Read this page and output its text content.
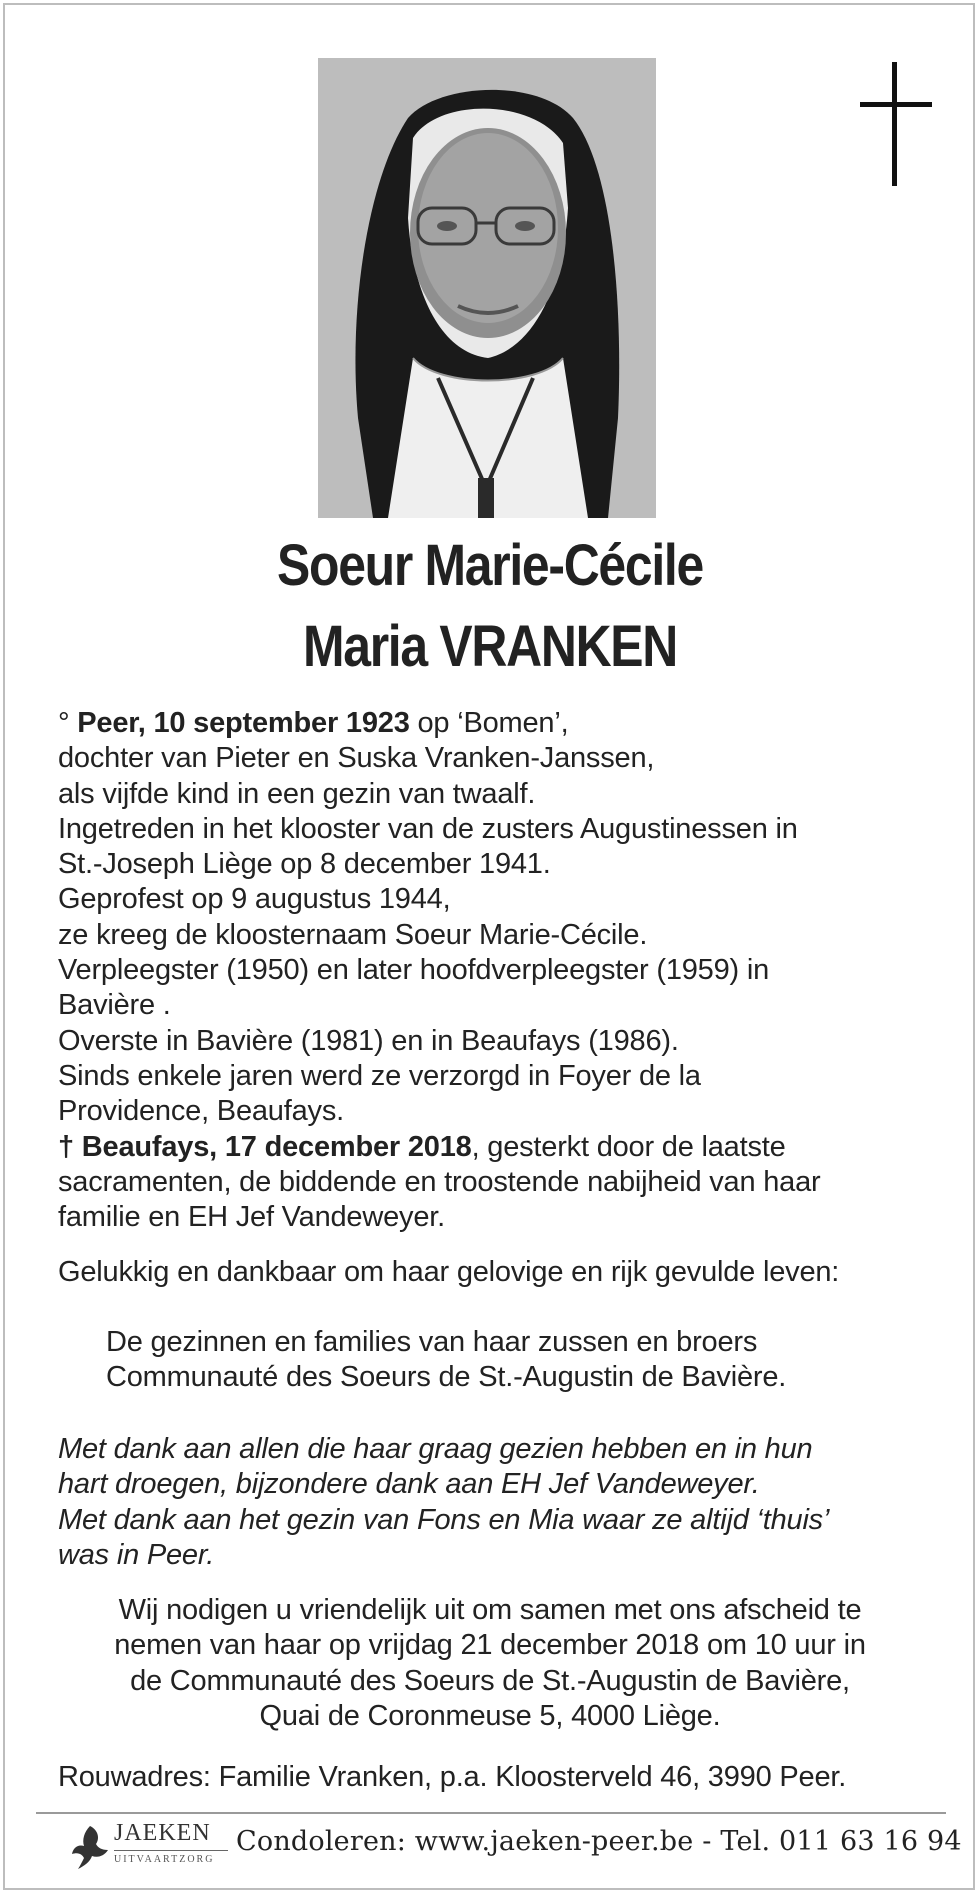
Soeur Marie-Cécile
Maria VRANKEN
° Peer, 10 september 1923 op ‘Bomen’,
dochter van Pieter en Suska Vranken-Janssen,
als vijfde kind in een gezin van twaalf.
Ingetreden in het klooster van de zusters Augustinessen in
St.-Joseph Liège op 8 december 1941.
Geprofest op 9 augustus 1944,
ze kreeg de kloosternaam Soeur Marie-Cécile.
Verpleegster (1950) en later hoofdverpleegster (1959) in
Bavière .
Overste in Bavière (1981) en in Beaufays (1986).
Sinds enkele jaren werd ze verzorgd in Foyer de la
Providence, Beaufays.
† Beaufays, 17 december 2018, gesterkt door de laatste
sacramenten, de biddende en troostende nabijheid van haar
familie en EH Jef Vandeweyer.
Gelukkig en dankbaar om haar gelovige en rijk gevulde leven:
De gezinnen en families van haar zussen en broers
Communauté des Soeurs de St.-Augustin de Bavière.
Met dank aan allen die haar graag gezien hebben en in hun
hart droegen, bijzondere dank aan EH Jef Vandeweyer.
Met dank aan het gezin van Fons en Mia waar ze altijd ‘thuis’
was in Peer.
Wij nodigen u vriendelijk uit om samen met ons afscheid te
nemen van haar op vrijdag 21 december 2018 om 10 uur in
de Communauté des Soeurs de St.-Augustin de Bavière,
Quai de Coronmeuse 5, 4000 Liège.
Rouwadres: Familie Vranken, p.a. Kloosterveld 46, 3990 Peer.
JAEKEN
UITVAARTZORG
Condoleren: www.jaeken-peer.be - Tel. 011 63 16 94
